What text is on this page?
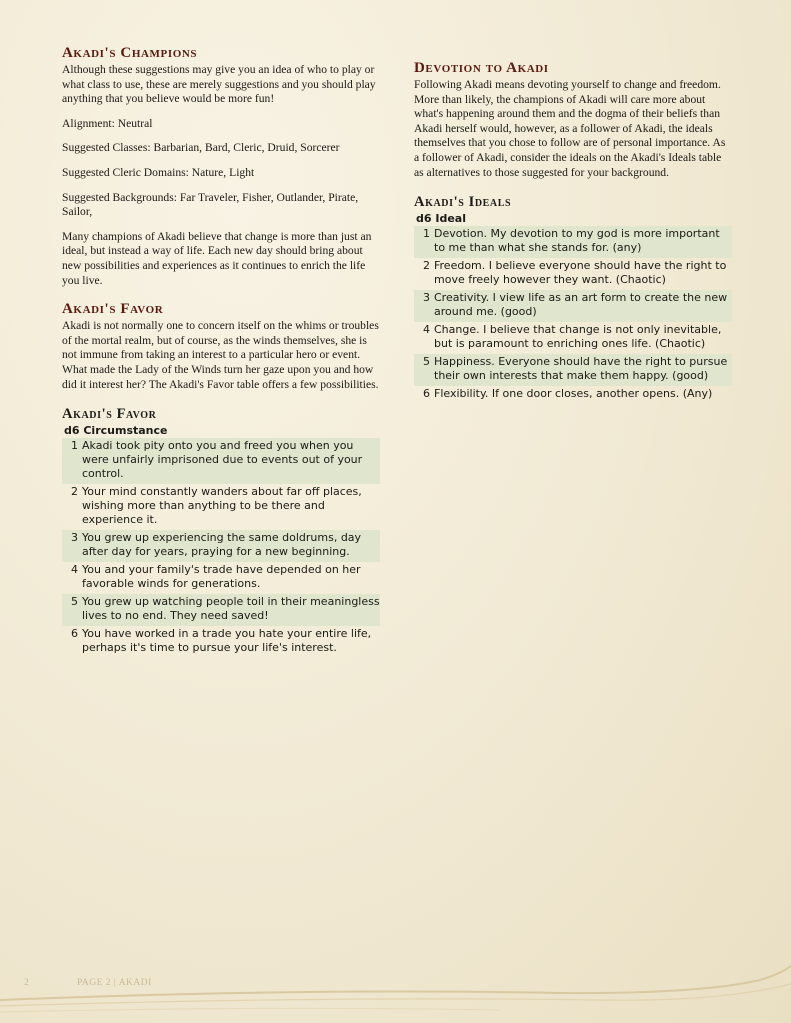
Akadi's Champions

Although these suggestions may give you an idea of who to play or what class to use, these are merely suggestions and you should play anything that you believe would be more fun!

Alignment: Neutral

Suggested Classes: Barbarian, Bard, Cleric, Druid, Sorcerer

Suggested Cleric Domains: Nature, Light

Suggested Backgrounds: Far Traveler, Fisher, Outlander, Pirate, Sailor,

Many champions of Akadi believe that change is more than just an ideal, but instead a way of life. Each new day should bring about new possibilities and experiences as it continues to enrich the life you live.

Akadi's Favor

Akadi is not normally one to concern itself on the whims or troubles of the mortal realm, but of course, as the winds themselves, she is not immune from taking an interest to a particular hero or event. What made the Lady of the Winds turn her gaze upon you and how did it interest her? The Akadi's Favor table offers a few possibilities.

Akadi's Favor
d6 Circumstance
1 Akadi took pity onto you and freed you when you were unfairly imprisoned due to events out of your control.
2 Your mind constantly wanders about far off places, wishing more than anything to be there and experience it.
3 You grew up experiencing the same doldrums, day after day for years, praying for a new beginning.
4 You and your family's trade have depended on her favorable winds for generations.
5 You grew up watching people toil in their meaningless lives to no end. They need saved!
6 You have worked in a trade you hate your entire life, perhaps it's time to pursue your life's interest.
Devotion to Akadi

Following Akadi means devoting yourself to change and freedom. More than likely, the champions of Akadi will care more about what's happening around them and the dogma of their beliefs than Akadi herself would, however, as a follower of Akadi, the ideals themselves that you chose to follow are of personal importance. As a follower of Akadi, consider the ideals on the Akadi's Ideals table as alternatives to those suggested for your background.

Akadi's Ideals
d6 Ideal
1 Devotion. My devotion to my god is more important to me than what she stands for. (any)
2 Freedom. I believe everyone should have the right to move freely however they want. (Chaotic)
3 Creativity. I view life as an art form to create the new around me. (good)
4 Change. I believe that change is not only inevitable, but is paramount to enriching ones life. (Chaotic)
5 Happiness. Everyone should have the right to pursue their own interests that make them happy. (good)
6 Flexibility. If one door closes, another opens. (Any)
2	PAGE 2 | AKADI
